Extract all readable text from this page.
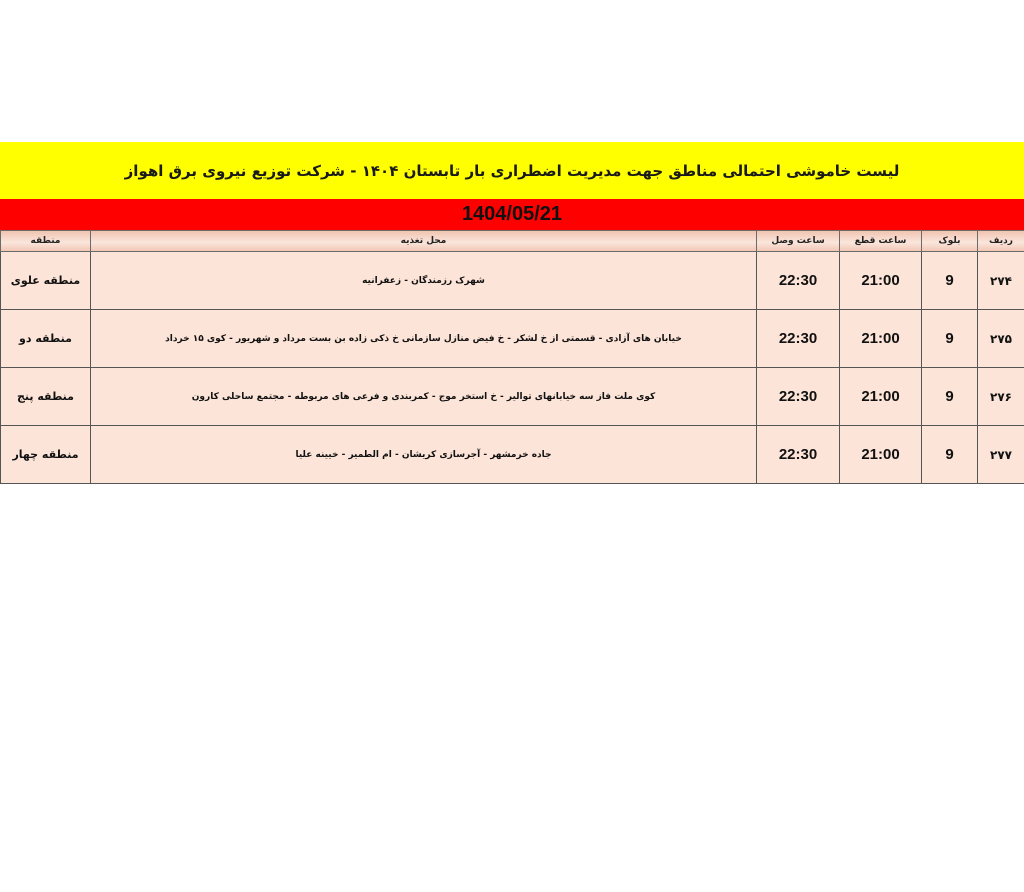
لیست خاموشی احتمالی مناطق جهت مدیریت اضطراری بار تابستان ۱۴۰۴ - شرکت توزیع نیروی برق اهواز
1404/05/21
ردیف	بلوک	ساعت قطع	ساعت وصل	محل تغذیه	منطقه
۲۷۴	9	21:00	22:30	شهرک رزمندگان - زعفرانیه	منطقه علوی
۲۷۵	9	21:00	22:30	خیابان های آزادی - قسمتی از خ لشکر - خ فیض منازل سازمانی خ ذکی زاده بن بست مرداد و شهریور - کوی ۱۵ خرداد	منطقه دو
۲۷۶	9	21:00	22:30	کوی ملت فاز سه خیابانهای توالیر - خ استخر موج - کمربندی و فرعی های مربوطه - مجتمع ساحلی کارون	منطقه پنج
۲۷۷	9	21:00	22:30	جاده خرمشهر - آجرسازی کریشان - ام الطمیر - خیینه علیا	منطقه چهار
